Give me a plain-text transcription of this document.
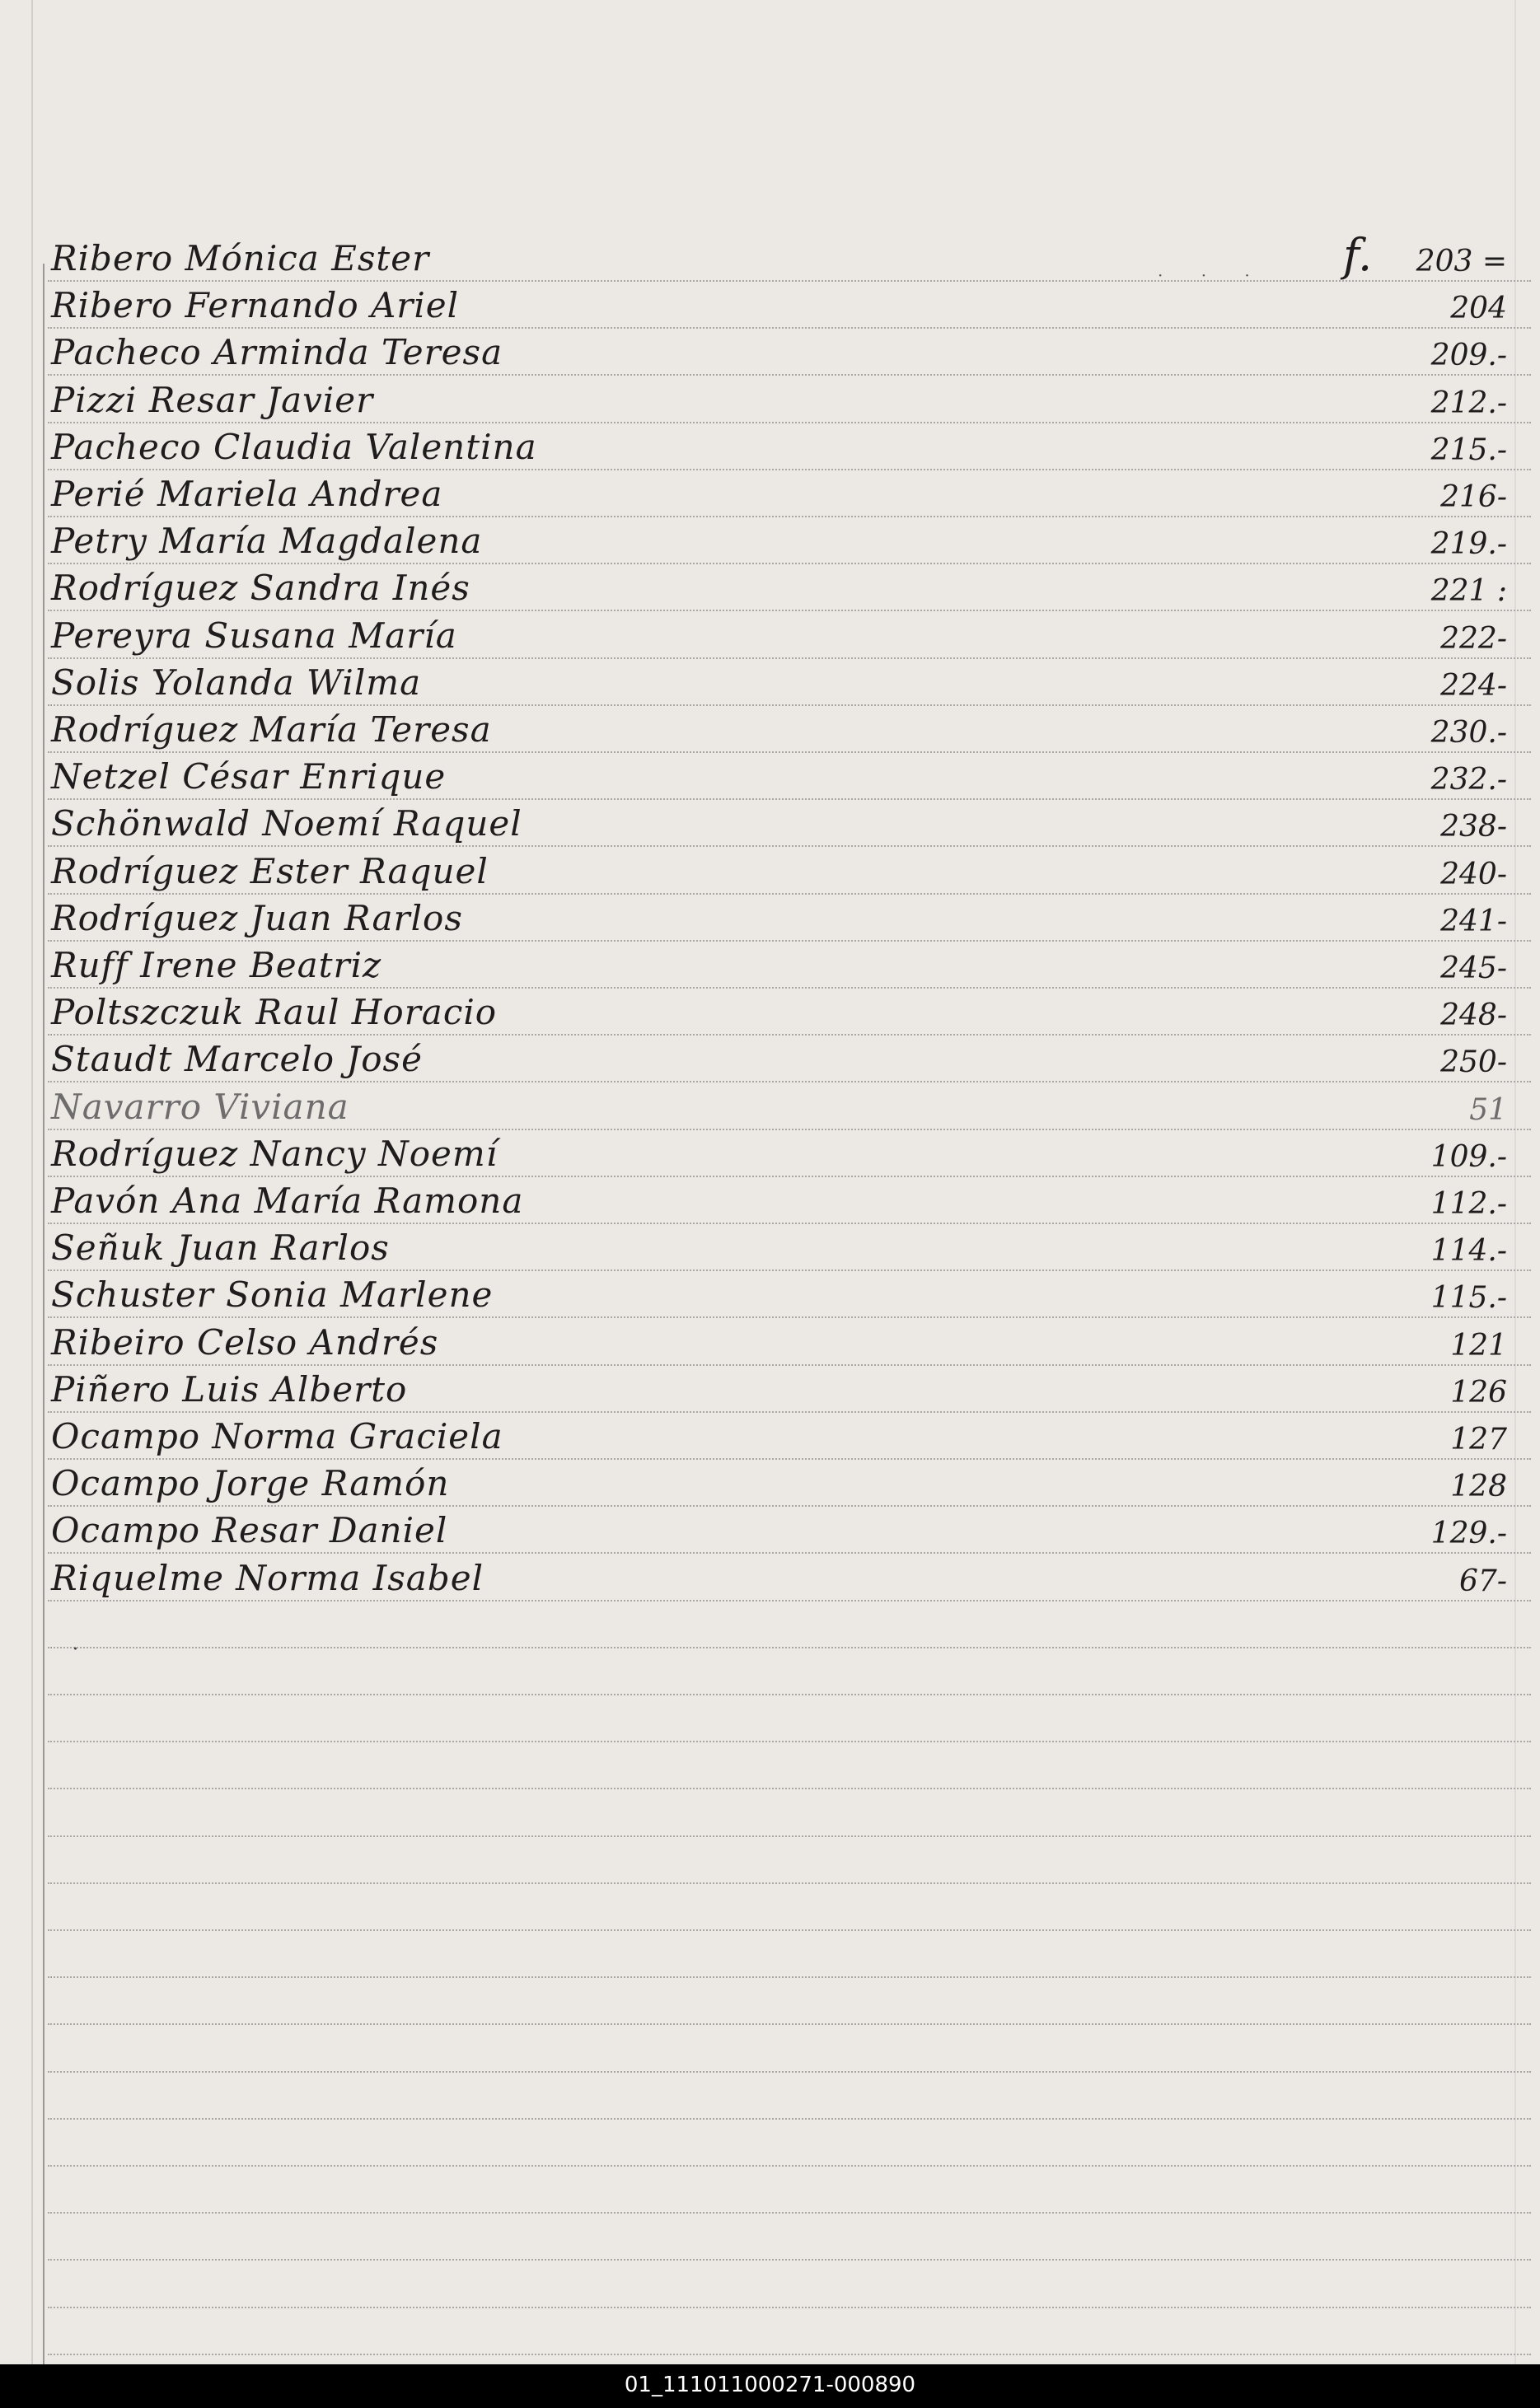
· · · f.
Ribero Mónica Ester	203 =
Ribero Fernando Ariel	204
Pacheco Arminda Teresa	209.-
Pizzi Resar Javier	212.-
Pacheco Claudia Valentina	215.-
Perié Mariela Andrea	216-
Petry María Magdalena	219.-
Rodríguez Sandra Inés	221 :
Pereyra Susana María	222-
Solis Yolanda Wilma	224-
Rodríguez María Teresa	230.-
Netzel César Enrique	232.-
Schönwald Noemí Raquel	238-
Rodríguez Ester Raquel	240-
Rodríguez Juan Rarlos	241-
Ruff Irene Beatriz	245-
Poltszczuk Raul Horacio	248-
Staudt Marcelo José	250-
Navarro Viviana	51
Rodríguez Nancy Noemí	109.-
Pavón Ana María Ramona	112.-
Señuk Juan Rarlos	114.-
Schuster Sonia Marlene	115.-
Ribeiro Celso Andrés	121
Piñero Luis Alberto	126
Ocampo Norma Graciela	127
Ocampo Jorge Ramón	128
Ocampo Resar Daniel	129.-
Riquelme Norma Isabel	67-
·
01_111011000271-000890
